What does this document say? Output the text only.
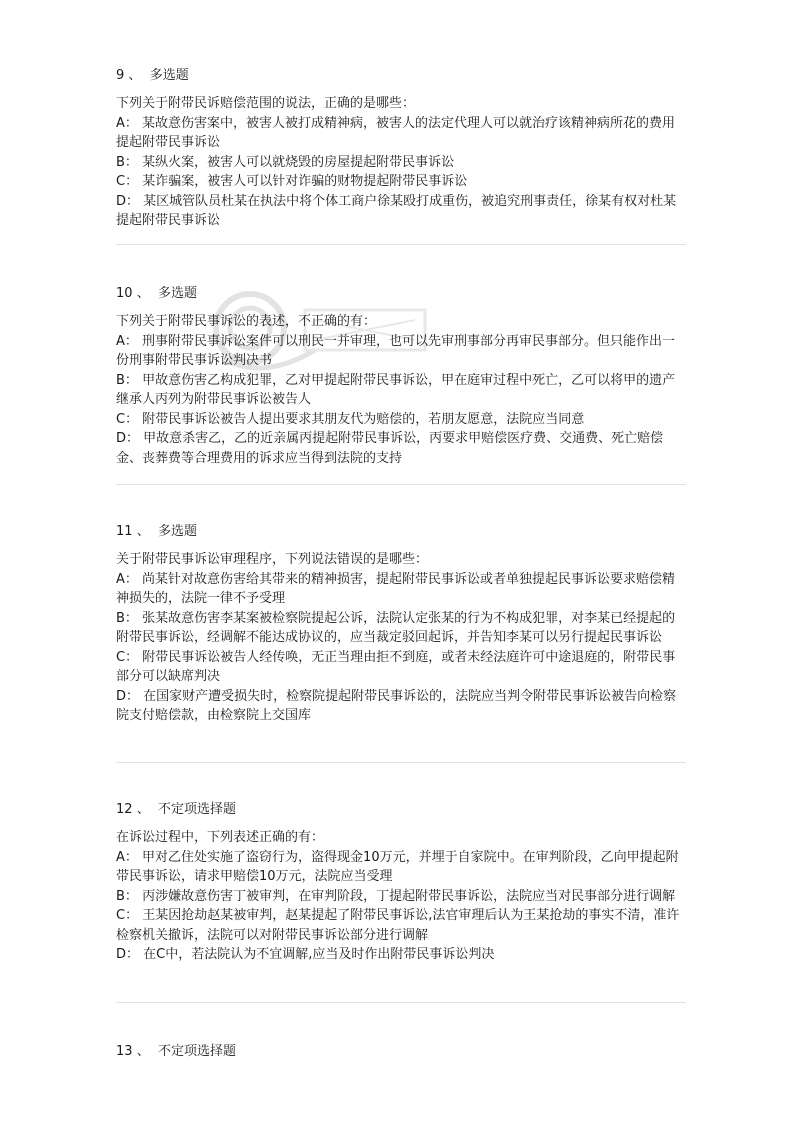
9 、 多选题
下列关于附带民诉赔偿范围的说法，正确的是哪些：
A： 某故意伤害案中，被害人被打成精神病，被害人的法定代理人可以就治疗该精神病所花的费用提起附带民事诉讼
B： 某纵火案，被害人可以就烧毁的房屋提起附带民事诉讼
C： 某诈骗案，被害人可以针对诈骗的财物提起附带民事诉讼
D： 某区城管队员杜某在执法中将个体工商户徐某殴打成重伤，被追究刑事责任，徐某有权对杜某提起附带民事诉讼
10 、 多选题
下列关于附带民事诉讼的表述，不正确的有：
A： 刑事附带民事诉讼案件可以刑民一并审理，也可以先审刑事部分再审民事部分。但只能作出一份刑事附带民事诉讼判决书
B： 甲故意伤害乙构成犯罪，乙对甲提起附带民事诉讼，甲在庭审过程中死亡，乙可以将甲的遗产继承人丙列为附带民事诉讼被告人
C： 附带民事诉讼被告人提出要求其朋友代为赔偿的，若朋友愿意，法院应当同意
D： 甲故意杀害乙，乙的近亲属丙提起附带民事诉讼，丙要求甲赔偿医疗费、交通费、死亡赔偿金、丧葬费等合理费用的诉求应当得到法院的支持
11 、 多选题
关于附带民事诉讼审理程序，下列说法错误的是哪些：
A： 尚某针对故意伤害给其带来的精神损害，提起附带民事诉讼或者单独提起民事诉讼要求赔偿精神损失的，法院一律不予受理
B： 张某故意伤害李某案被检察院提起公诉，法院认定张某的行为不构成犯罪，对李某已经提起的附带民事诉讼，经调解不能达成协议的，应当裁定驳回起诉，并告知李某可以另行提起民事诉讼
C： 附带民事诉讼被告人经传唤，无正当理由拒不到庭，或者未经法庭许可中途退庭的，附带民事部分可以缺席判决
D： 在国家财产遭受损失时，检察院提起附带民事诉讼的，法院应当判令附带民事诉讼被告向检察院支付赔偿款，由检察院上交国库
12 、 不定项选择题
在诉讼过程中，下列表述正确的有：
A： 甲对乙住处实施了盗窃行为，盗得现金10万元，并埋于自家院中。在审判阶段，乙向甲提起附带民事诉讼，请求甲赔偿10万元，法院应当受理
B： 丙涉嫌故意伤害丁被审判，在审判阶段，丁提起附带民事诉讼，法院应当对民事部分进行调解
C： 王某因抢劫赵某被审判，赵某提起了附带民事诉讼,法官审理后认为王某抢劫的事实不清，准许检察机关撤诉，法院可以对附带民事诉讼部分进行调解
D： 在C中，若法院认为不宜调解,应当及时作出附带民事诉讼判决
13 、 不定项选择题
